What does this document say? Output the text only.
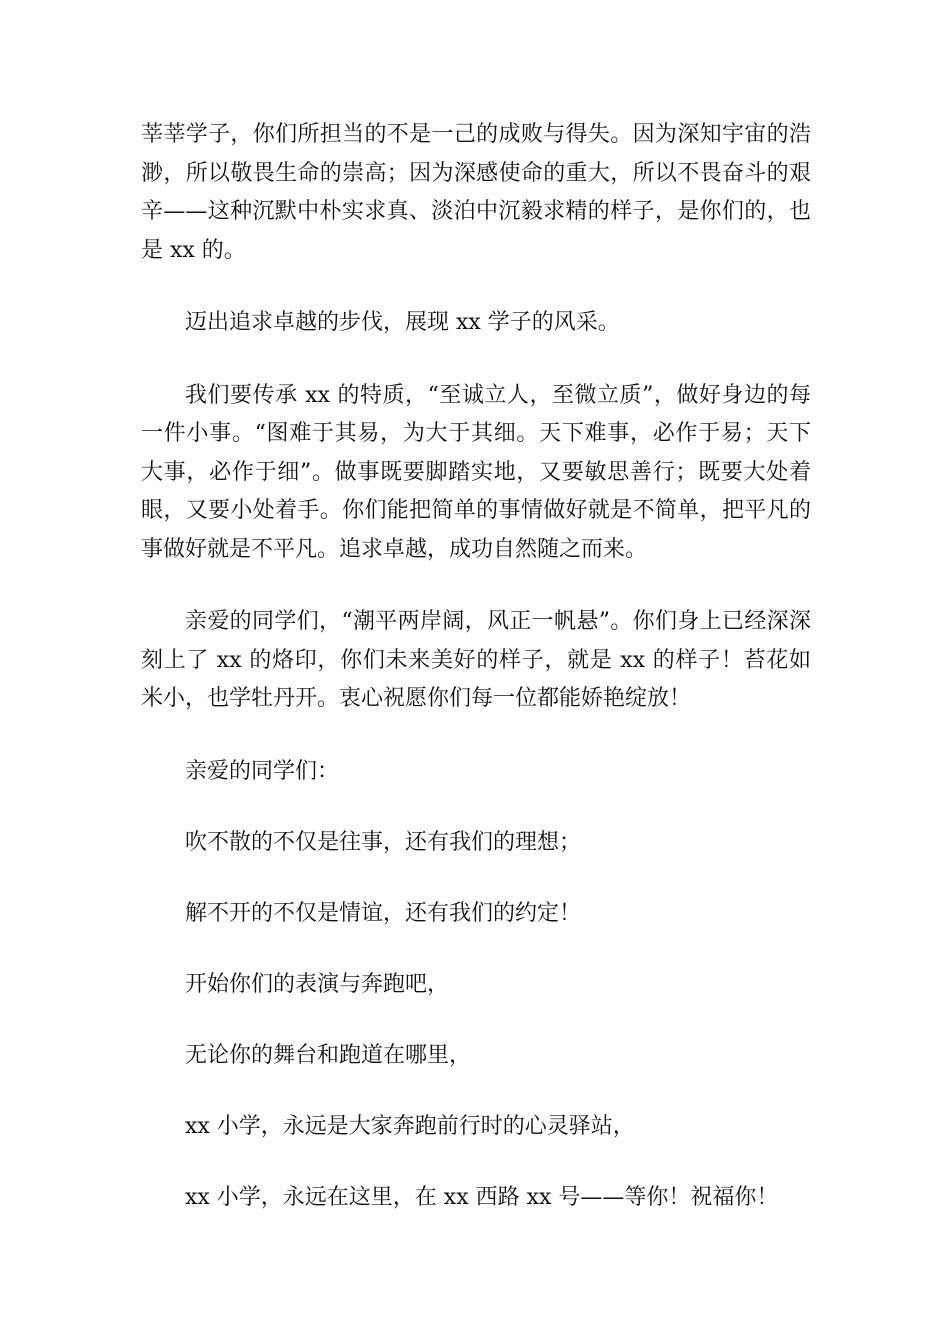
莘莘学子，你们所担当的不是一己的成败与得失。因为深知宇宙的浩渺，所以敬畏生命的崇高；因为深感使命的重大，所以不畏奋斗的艰辛——这种沉默中朴实求真、淡泊中沉毅求精的样子，是你们的，也是 xx 的。

迈出追求卓越的步伐，展现 xx 学子的风采。

我们要传承 xx 的特质，“至诚立人，至微立质”，做好身边的每一件小事。“图难于其易，为大于其细。天下难事，必作于易；天下大事，必作于细”。做事既要脚踏实地，又要敏思善行；既要大处着眼，又要小处着手。你们能把简单的事情做好就是不简单，把平凡的事做好就是不平凡。追求卓越，成功自然随之而来。

亲爱的同学们，“潮平两岸阔，风正一帆悬”。你们身上已经深深刻上了 xx 的烙印，你们未来美好的样子，就是 xx 的样子！苔花如米小，也学牡丹开。衷心祝愿你们每一位都能娇艳绽放！

亲爱的同学们：

吹不散的不仅是往事，还有我们的理想；

解不开的不仅是情谊，还有我们的约定！

开始你们的表演与奔跑吧，

无论你的舞台和跑道在哪里，

xx 小学，永远是大家奔跑前行时的心灵驿站，

xx 小学，永远在这里，在 xx 西路 xx 号——等你！祝福你！
